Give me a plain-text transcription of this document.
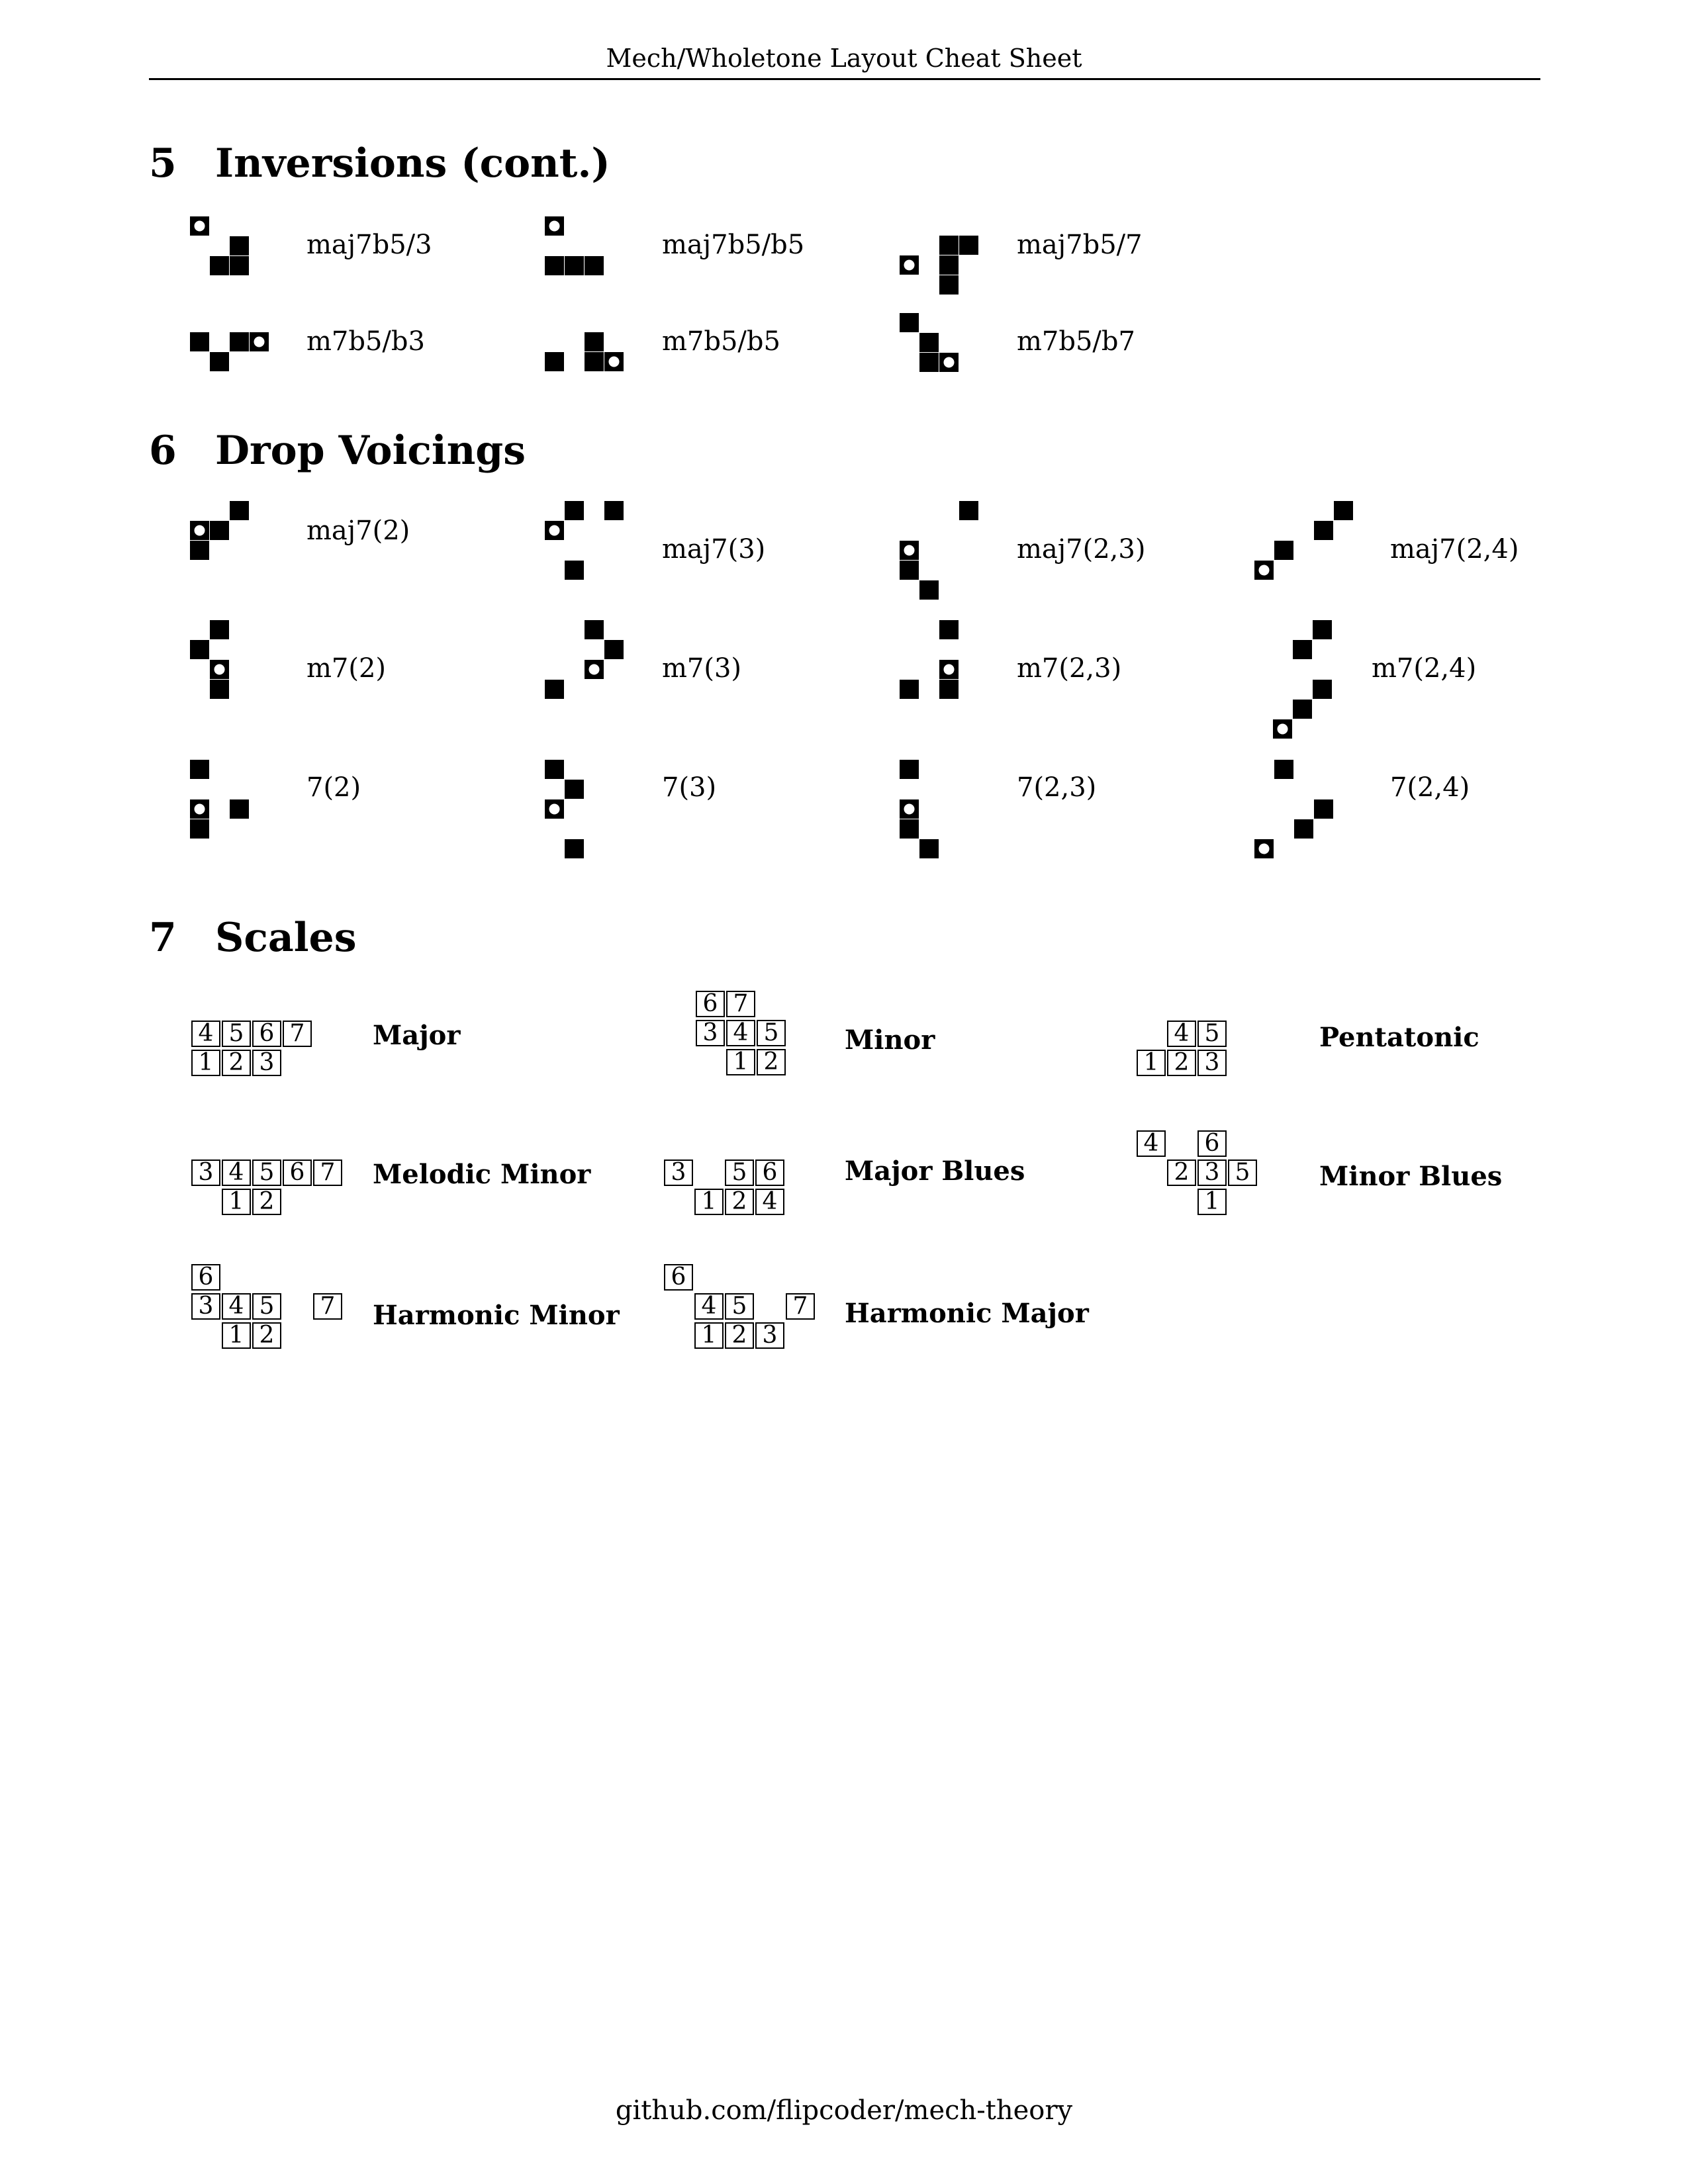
Mech/Wholetone Layout Cheat Sheet
5 Inversions (cont.)
6 Drop Voicings
7 Scales
maj7b5/3	maj7b5/b5	maj7b5/7
m7b5/b3	m7b5/b5	m7b5/b7
maj7(2)
maj7(3)	maj7(2,3)	maj7(2,4)
m7(2)	m7(3)	m7(2,3)	m7(2,4)
7(2)	7(3)	7(2,3)	7(2,4)
4 5 6 7
1 2 3
Major
6 7
3 4 5
1 2
Minor	4 5
1 2 3
Pentatonic
3 4 5 6 7
1 2
Melodic Minor	3 5 6
1 2 4
Major Blues
4 6
2 3 5
1
Minor Blues
6
3 4 5 7
1 2
Harmonic Minor
6
4 5 7
1 2 3
Harmonic Major
github.com/flipcoder/mech-theory
